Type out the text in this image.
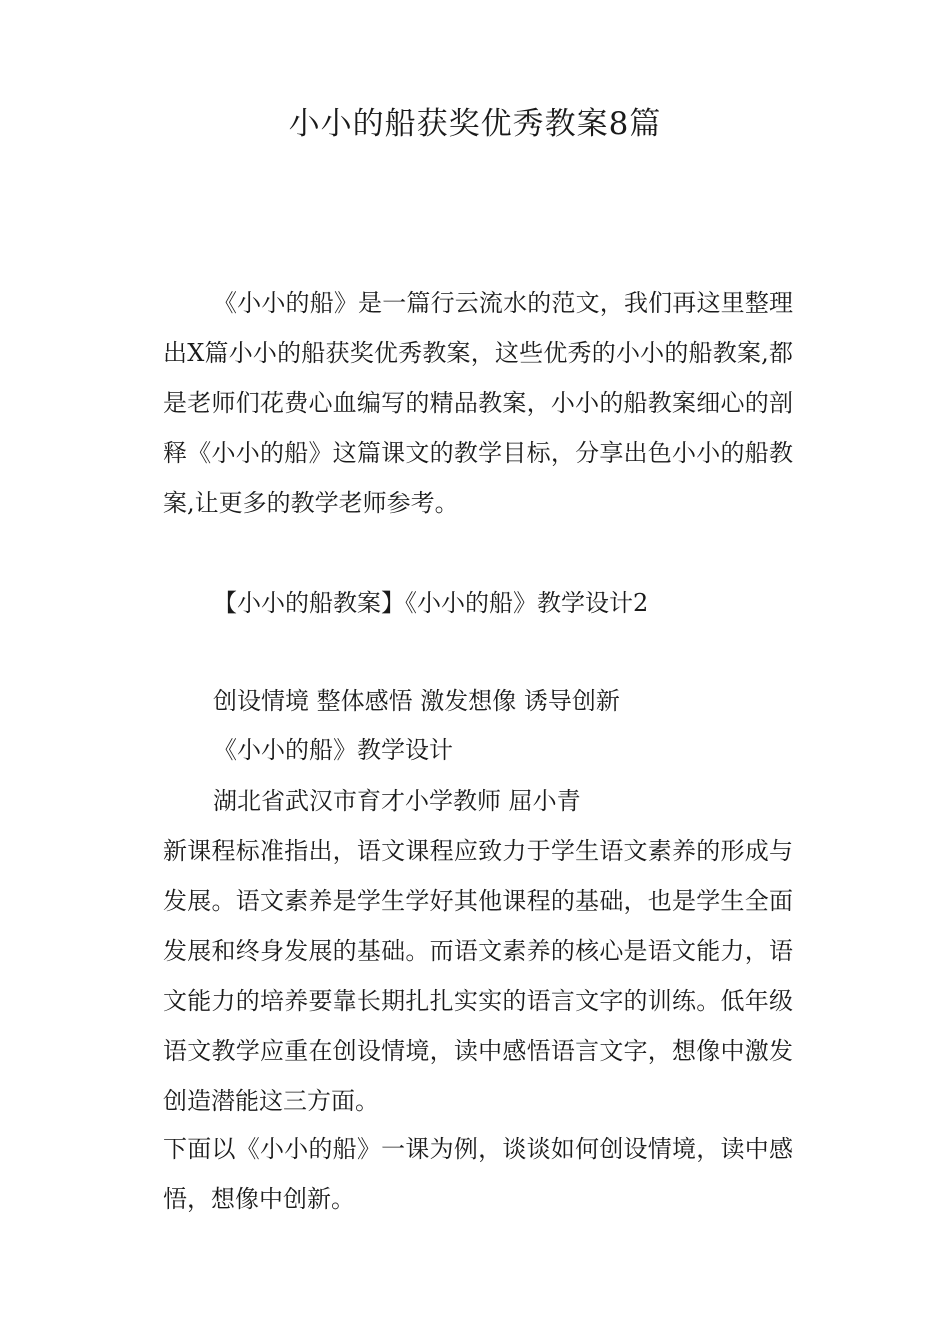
小小的船获奖优秀教案8篇

《小小的船》是一篇行云流水的范文，我们再这里整理出X篇小小的船获奖优秀教案，这些优秀的小小的船教案,都是老师们花费心血编写的精品教案，小小的船教案细心的剖释《小小的船》这篇课文的教学目标，分享出色小小的船教案,让更多的教学老师参考。

【小小的船教案】《小小的船》教学设计2

创设情境 整体感悟 激发想像 诱导创新

《小小的船》教学设计

湖北省武汉市育才小学教师 屈小青

新课程标准指出，语文课程应致力于学生语文素养的形成与发展。语文素养是学生学好其他课程的基础，也是学生全面发展和终身发展的基础。而语文素养的核心是语文能力，语文能力的培养要靠长期扎扎实实的语言文字的训练。低年级语文教学应重在创设情境，读中感悟语言文字，想像中激发创造潜能这三方面。

下面以《小小的船》一课为例，谈谈如何创设情境，读中感悟，想像中创新。
